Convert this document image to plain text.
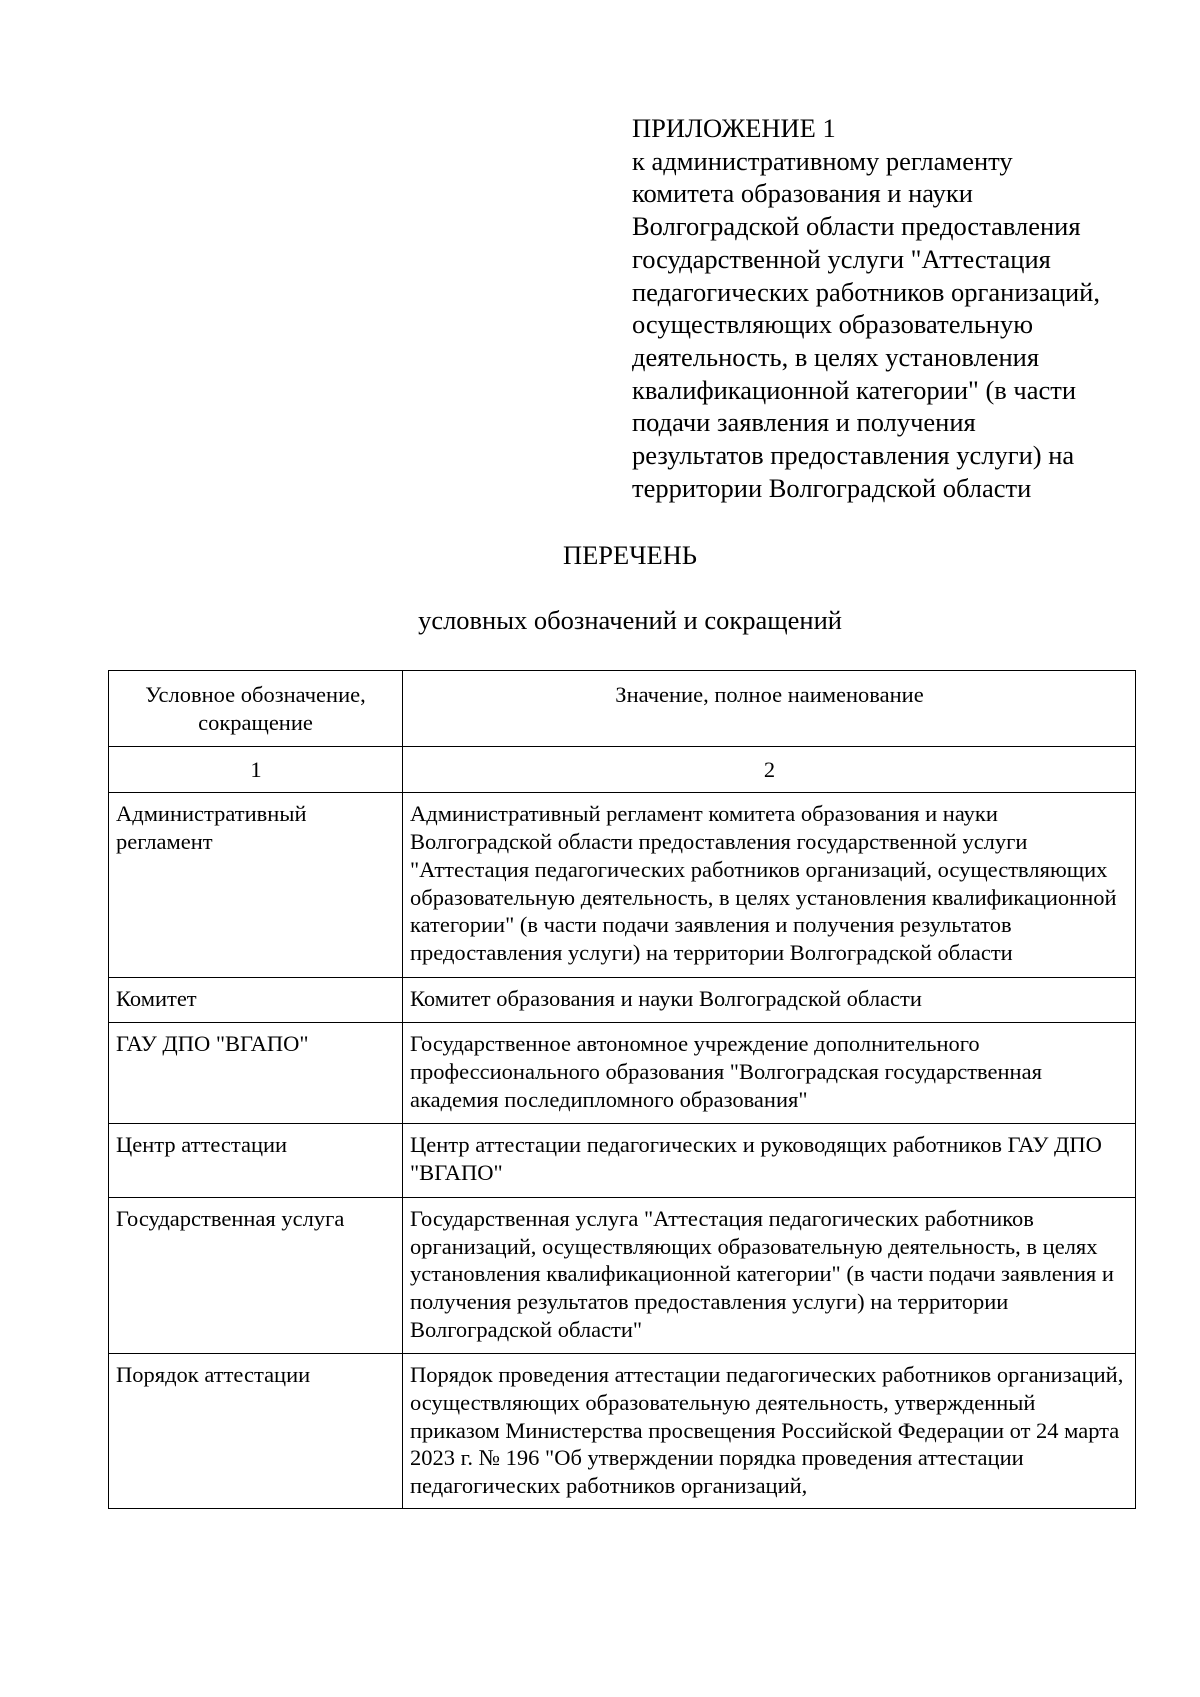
ПРИЛОЖЕНИЕ 1
к административному регламенту
комитета образования и науки
Волгоградской области предоставления
государственной услуги "Аттестация
педагогических работников организаций,
осуществляющих образовательную
деятельность, в целях установления
квалификационной категории" (в части
подачи заявления и получения
результатов предоставления услуги) на
территории Волгоградской области
ПЕРЕЧЕНЬ
условных обозначений и сокращений
Условное обозначение, сокращение	Значение, полное наименование
1	2
Административный регламент	Административный регламент комитета образования и науки Волгоградской области предоставления государственной услуги "Аттестация педагогических работников организаций, осуществляющих образовательную деятельность, в целях установления квалификационной категории" (в части подачи заявления и получения результатов предоставления услуги) на территории Волгоградской области
Комитет	Комитет образования и науки Волгоградской области
ГАУ ДПО "ВГАПО"	Государственное автономное учреждение дополнительного профессионального образования "Волгоградская государственная академия последипломного образования"
Центр аттестации	Центр аттестации педагогических и руководящих работников ГАУ ДПО "ВГАПО"
Государственная услуга	Государственная услуга "Аттестация педагогических работников организаций, осуществляющих образовательную деятельность, в целях установления квалификационной категории" (в части подачи заявления и получения результатов предоставления услуги) на территории Волгоградской области"
Порядок аттестации	Порядок проведения аттестации педагогических работников организаций, осуществляющих образовательную деятельность, утвержденный приказом Министерства просвещения Российской Федерации от 24 марта 2023 г. № 196 "Об утверждении порядка проведения аттестации педагогических работников организаций,
